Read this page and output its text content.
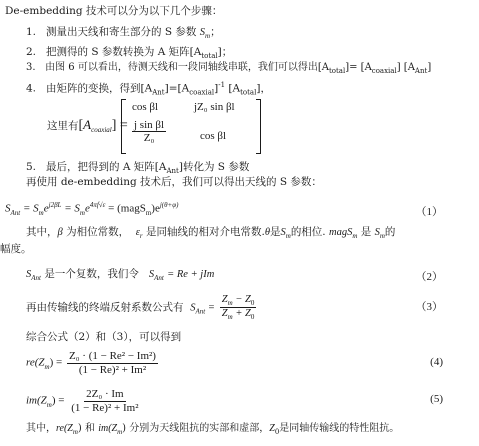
De-embedding 技术可以分为以下几个步骤：
1. 测量出天线和寄生部分的 S 参数 $S_m$；
2. 把测得的 S 参数转换为 A 矩阵$[A_{total}]$；
3. 由图 6 可以看出，待测天线和一段同轴线串联，我们可以得出$[A_{total}]= [A_{coaxial}]$ $[A_{Ant}]$
4. 由矩阵的变换，得到$[A_{Ant}]=[A_{coaxial}]^{-1}$ $[A_{total}]$，
这里有$[A_{coaxial}]$ =
cos βl	jZ₀ sin βl
$\frac{\text{j sin βl}}{\text{Z₀}}$	cos βl
5. 最后，把得到的 A 矩阵$[A_{Ant}]$转化为 S 参数
再使用 de-embedding 技术后，我们可以得出天线的 S 参数：
$S_{Ant} = S_me^{j2\beta L} = S_me^{4\pi f√\varepsilon}$ = $(magS_m)e^{j(\theta+\varphi)}$
（1）
其中，β 为相位常数， $\varepsilon_r$ 是同轴线的相对介电常数.θ是$S_m$的相位. magS$_m$ 是 $S_m$的
幅度。
$S_{Ant}$ 是一个复数，我们令 $S_{Ant} = Re$ + jIm	（2）
再由传输线的终端反射系数公式有 $S_{Ant} = \frac{Z_m - Z_0}{Z_m + Z_0}$	（3）
综合公式（2）和（3），可以得到
$re(Z_m) = \frac{\text{Z₀ · (1 − Re² − Im²)}}{\text{(1 − Re)² + Im²}}$	(4)
$im(Z_m) = \frac{\text{2Z₀ · Im}}{\text{(1 − Re)² + Im²}}$	(5)
其中，$re(Z_m)$ 和 $im(Z_m)$ 分别为天线阻抗的实部和虚部，$Z_0$是同轴传输线的特性阻抗。
